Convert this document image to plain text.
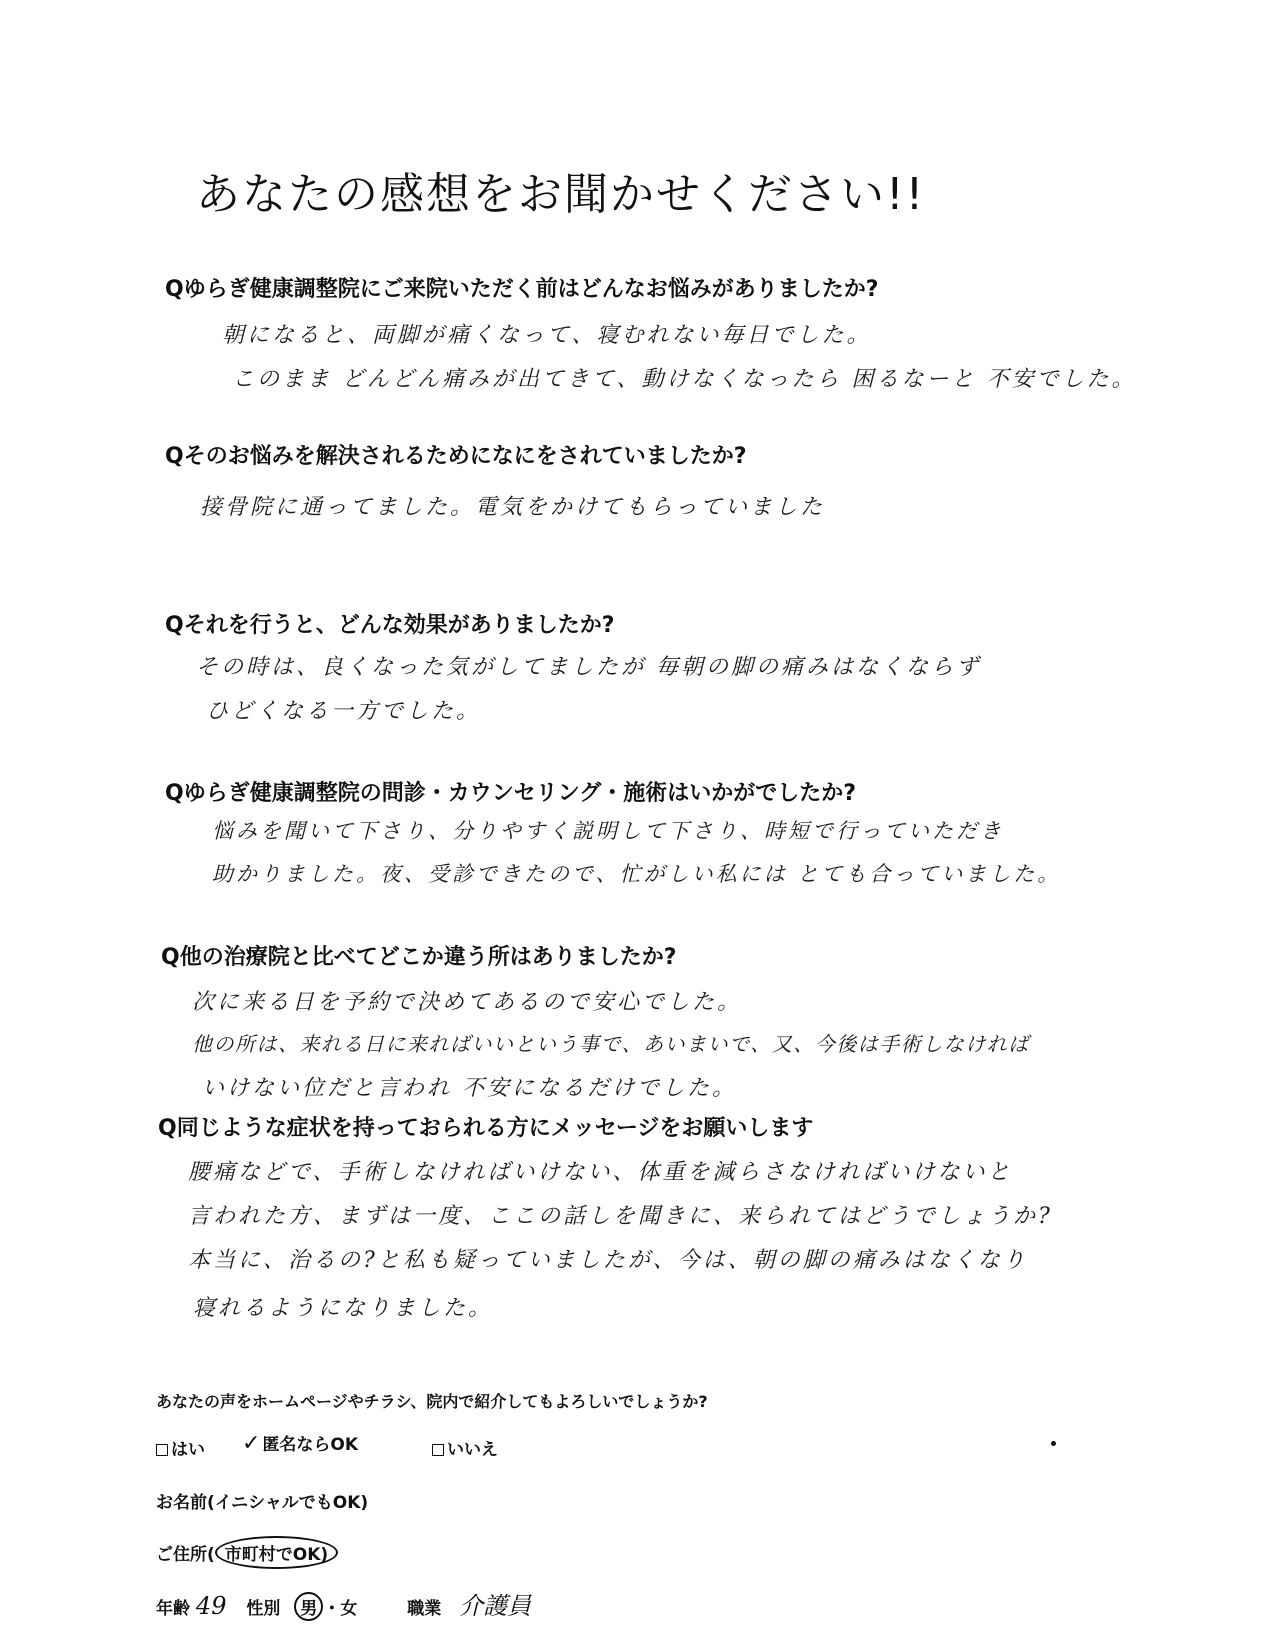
あなたの感想をお聞かせください!!
Qゆらぎ健康調整院にご来院いただく前はどんなお悩みがありましたか?
朝になると、両脚が痛くなって、寝むれない毎日でした。
このまま どんどん痛みが出てきて、動けなくなったら 困るなーと 不安でした。
Qそのお悩みを解決されるためになにをされていましたか?
接骨院に通ってました。電気をかけてもらっていました
Qそれを行うと、どんな効果がありましたか?
その時は、良くなった気がしてましたが 毎朝の脚の痛みはなくならず
ひどくなる一方でした。
Qゆらぎ健康調整院の問診・カウンセリング・施術はいかがでしたか?
悩みを聞いて下さり、分りやすく説明して下さり、時短で行っていただき
助かりました。夜、受診できたので、忙がしい私には とても合っていました。
Q他の治療院と比べてどこか違う所はありましたか?
次に来る日を予約で決めてあるので安心でした。
他の所は、来れる日に来ればいいという事で、あいまいで、又、今後は手術しなければ
いけない位だと言われ 不安になるだけでした。
Q同じような症状を持っておられる方にメッセージをお願いします
腰痛などで、手術しなければいけない、体重を減らさなければいけないと
言われた方、まずは一度、ここの話しを聞きに、来られてはどうでしょうか?
本当に、治るの?と私も疑っていましたが、今は、朝の脚の痛みはなくなり
寝れるようになりました。
あなたの声をホームページやチラシ、院内で紹介してもよろしいでしょうか?
はい ✓ 匿名ならOK	いいえ
お名前(イニシャルでもOK)
ご住所( 市町村でOK)
年齢 49 性別 男 ・女	職業 介護員
